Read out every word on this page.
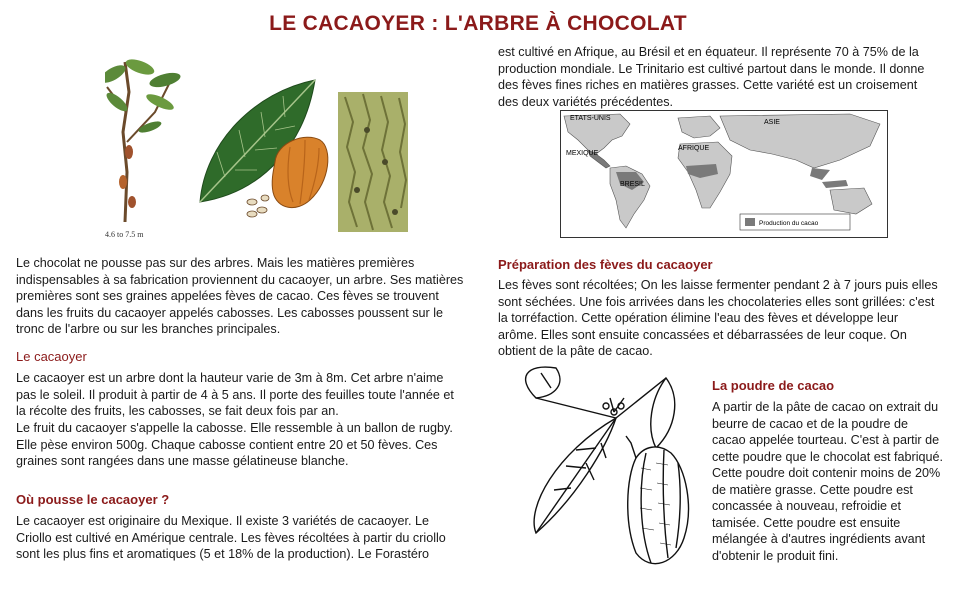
LE CACAOYER : L'ARBRE À CHOCOLAT
4.6 to 7.5 m

Le chocolat ne pousse pas sur des arbres. Mais les matières premières indispensables à sa fabrication proviennent du cacaoyer, un arbre. Ses matières premières sont ses graines appelées fèves de cacao. Ces fèves se trouvent dans les fruits du cacaoyer appelés cabosses. Les cabosses poussent sur le tronc de l'arbre ou sur les branches principales.

Le cacaoyer

Le cacaoyer est un arbre dont la hauteur varie de 3m à 8m. Cet arbre n'aime pas le soleil. Il produit à partir de 4 à 5 ans. Il porte des feuilles toute l'année et la récolte des fruits, les cabosses, se fait deux fois par an.

Le fruit du cacaoyer s'appelle la cabosse. Elle ressemble à un ballon de rugby. Elle pèse environ 500g. Chaque cabosse contient entre 20 et 50 fèves. Ces graines sont rangées dans une masse gélatineuse blanche.

Où pousse le cacaoyer ?

Le cacaoyer est originaire du Mexique. Il existe 3 variétés de cacaoyer. Le Criollo est cultivé en Amérique centrale. Les fèves récoltées à partir du criollo sont les plus fins et aromatiques (5 et 18% de la production). Le Forastéro

est cultivé en Afrique, au Brésil et en équateur. Il représente 70 à 75% de la production mondiale. Le Trinitario est cultivé partout dans le monde. Il donne des fèves fines riches en matières grasses. Cette variété est un croisement des deux variétés précédentes.

ETATS-UNIS
MEXIQUE
ASIE
AFRIQUE
BRESIL
Production du cacao
Préparation des fèves du cacaoyer

Les fèves sont récoltées; On les laisse fermenter pendant 2 à 7 jours puis elles sont séchées. Une fois arrivées dans les chocolateries elles sont grillées: c'est la torréfaction. Cette opération élimine l'eau des fèves et développe leur arôme. Elles sont ensuite concassées et débarrassées de leur coque. On obtient de la pâte de cacao.

La poudre de cacao

A partir de la pâte de cacao on extrait du beurre de cacao et de la poudre de cacao appelée tourteau. C'est à partir de cette poudre que le chocolat est fabriqué. Cette poudre doit contenir moins de 20% de matière grasse. Cette poudre est concassée à nouveau, refroidie et tamisée. Cette poudre est ensuite mélangée à d'autres ingrédients avant d'obtenir le produit fini.
